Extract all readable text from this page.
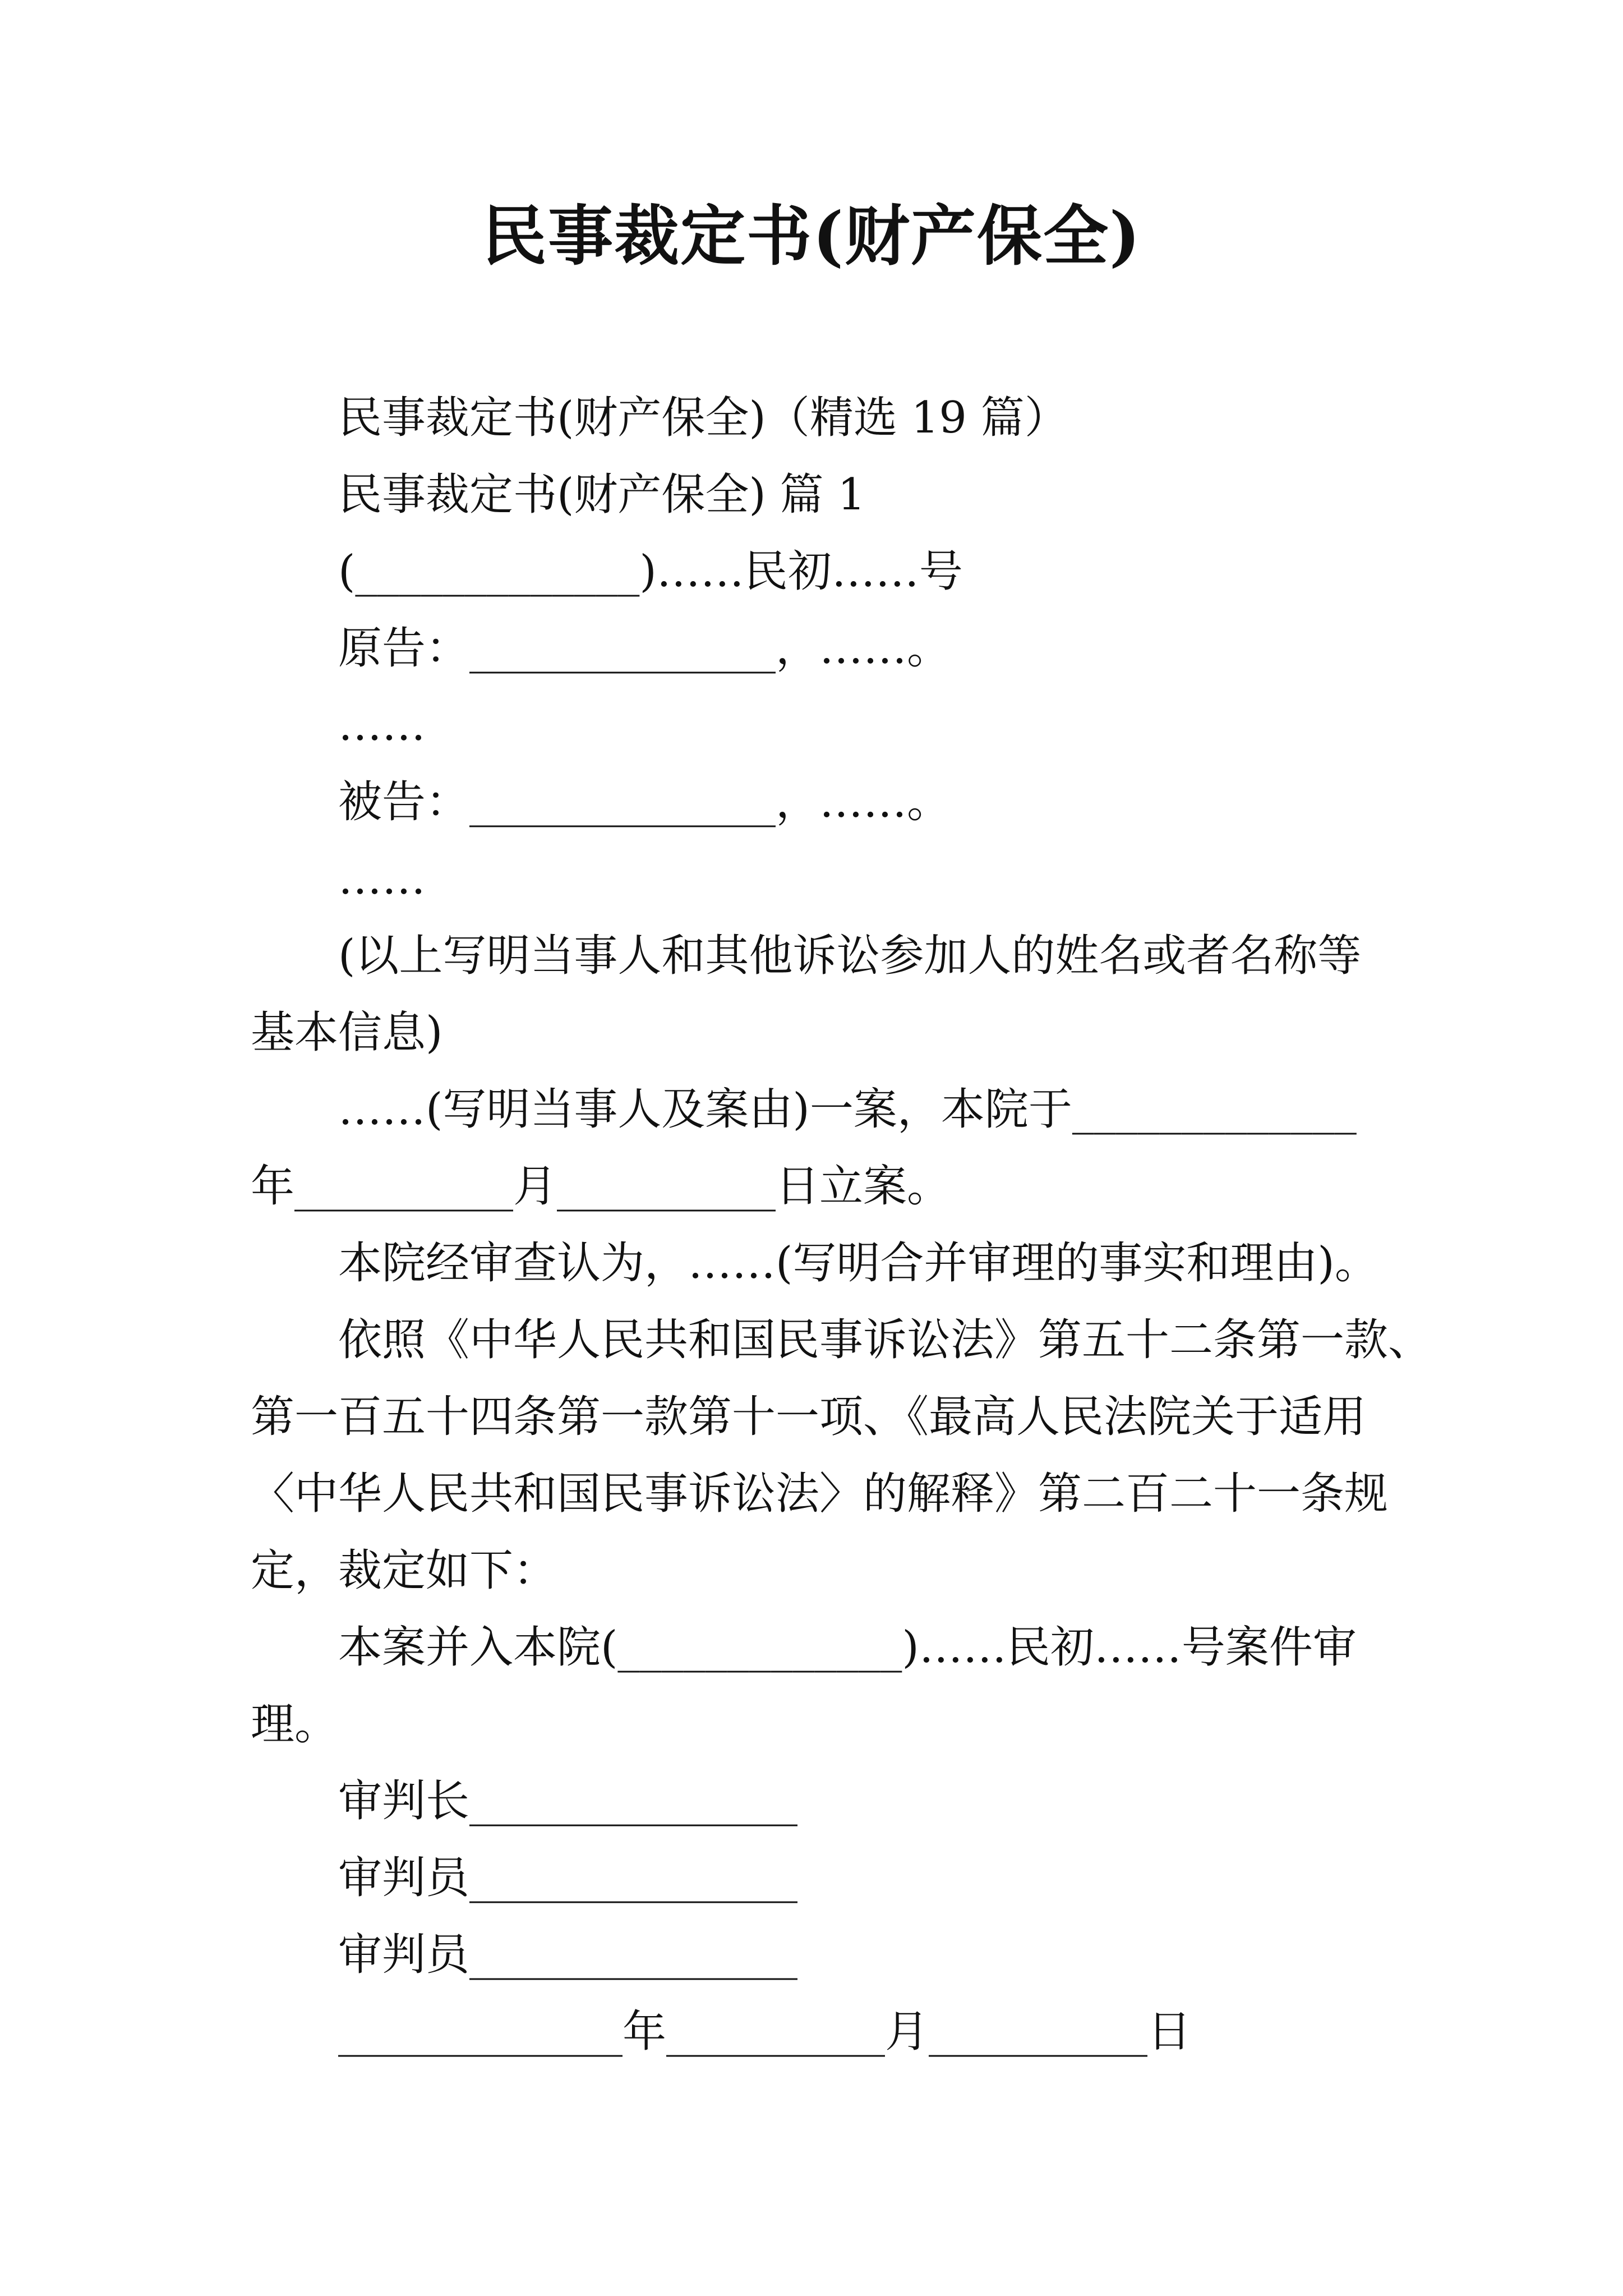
民事裁定书(财产保全)
民事裁定书(财产保全)（精选 19 篇）
民事裁定书(财产保全) 篇 1
(_____________)……民初……号
原告：______________，……。
……
被告：______________，……。
……
(以上写明当事人和其他诉讼参加人的姓名或者名称等
基本信息)
……(写明当事人及案由)一案，本院于_____________
年__________月__________日立案。
本院经审查认为，……(写明合并审理的事实和理由)。
依照《中华人民共和国民事诉讼法》第五十二条第一款、
第一百五十四条第一款第十一项、《最高人民法院关于适用
〈中华人民共和国民事诉讼法〉的解释》第二百二十一条规
定，裁定如下：
本案并入本院(_____________)……民初……号案件审
理。
审判长_______________
审判员_______________
审判员_______________
_____________年__________月__________日
